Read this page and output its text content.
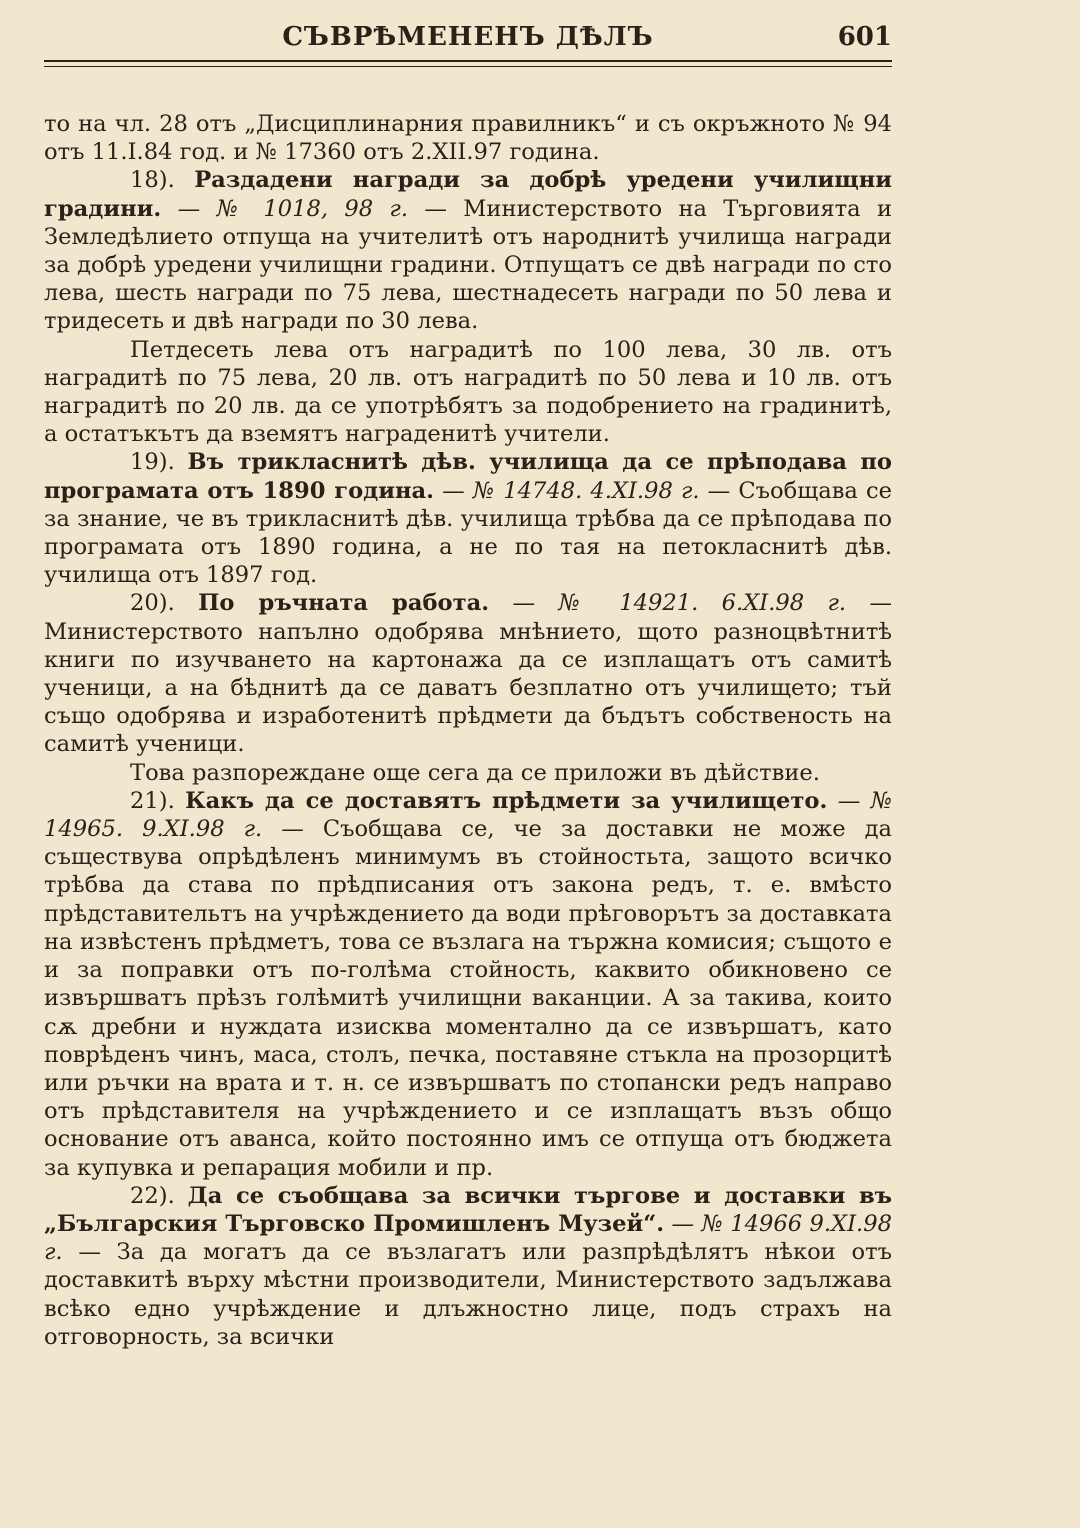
СЪВРѢМЕНЕНЪ ДѢЛЪ	601

то на чл. 28 отъ „Дисциплинарния правилникъ“ и съ окръжното № 94 отъ 11.I.84 год. и № 17360 отъ 2.XII.97 година.

18). Раздадени награди за добрѣ уредени училищни градини. — № 1018, 98 г. — Министерството на Търговията и Земледѣлието отпуща на учителитѣ отъ народнитѣ училища награди за добрѣ уредени училищни градини. Отпущатъ се двѣ награди по сто лева, шесть награди по 75 лева, шестнадесеть награди по 50 лева и тридесеть и двѣ награди по 30 лева.

Петдесеть лева отъ наградитѣ по 100 лева, 30 лв. отъ наградитѣ по 75 лева, 20 лв. отъ наградитѣ по 50 лева и 10 лв. отъ наградитѣ по 20 лв. да се употрѣбятъ за подобрението на градинитѣ, а остатъкътъ да вземятъ награденитѣ учители.

19). Въ трикласнитѣ дѣв. училища да се прѣподава по програмата отъ 1890 година. — № 14748. 4.XI.98 г. — Съобщава се за знание, че въ трикласнитѣ дѣв. училища трѣбва да се прѣподава по програмата отъ 1890 година, а не по тая на петокласнитѣ дѣв. училища отъ 1897 год.

20). По ръчната работа. — № 14921. 6.XI.98 г. — Министерството напълно одобрява мнѣнието, щото разноцвѣтнитѣ книги по изучването на картонажа да се изплащатъ отъ самитѣ ученици, а на бѣднитѣ да се даватъ безплатно отъ училището; тъй също одобрява и изработенитѣ прѣдмети да бъдътъ собственость на самитѣ ученици.

Това разпореждане още сега да се приложи въ дѣйствие.

21). Какъ да се доставятъ прѣдмети за училището. — № 14965. 9.XI.98 г. — Съобщава се, че за доставки не може да съществува опрѣдѣленъ минимумъ въ стойностьта, защото всичко трѣбва да става по прѣдписания отъ закона редъ, т. е. вмѣсто прѣдставительтъ на учрѣждението да води прѣговорътъ за доставката на извѣстенъ прѣдметъ, това се възлага на тържна комисия; същото е и за поправки отъ по-голѣма стойность, каквито обикновено се извършватъ прѣзъ голѣмитѣ училищни ваканции. А за такива, които сѫ дребни и нуждата изисква моментално да се извършатъ, като поврѣденъ чинъ, маса, столъ, печка, поставяне стъкла на прозорцитѣ или ръчки на врата и т. н. се извършватъ по стопански редъ направо отъ прѣдставителя на учрѣждението и се изплащатъ възъ общо основание отъ аванса, който постоянно имъ се отпуща отъ бюджета за купувка и репарация мобили и пр.

22). Да се съобщава за всички търгове и доставки въ „Българския Търговско Промишленъ Музей“. — № 14966 9.XI.98 г. — За да могатъ да се възлагатъ или разпрѣдѣлятъ нѣкои отъ доставкитѣ върху мѣстни производители, Министерството задължава всѣко едно учрѣждение и длъжностно лице, подъ страхъ на отговорность, за всички
